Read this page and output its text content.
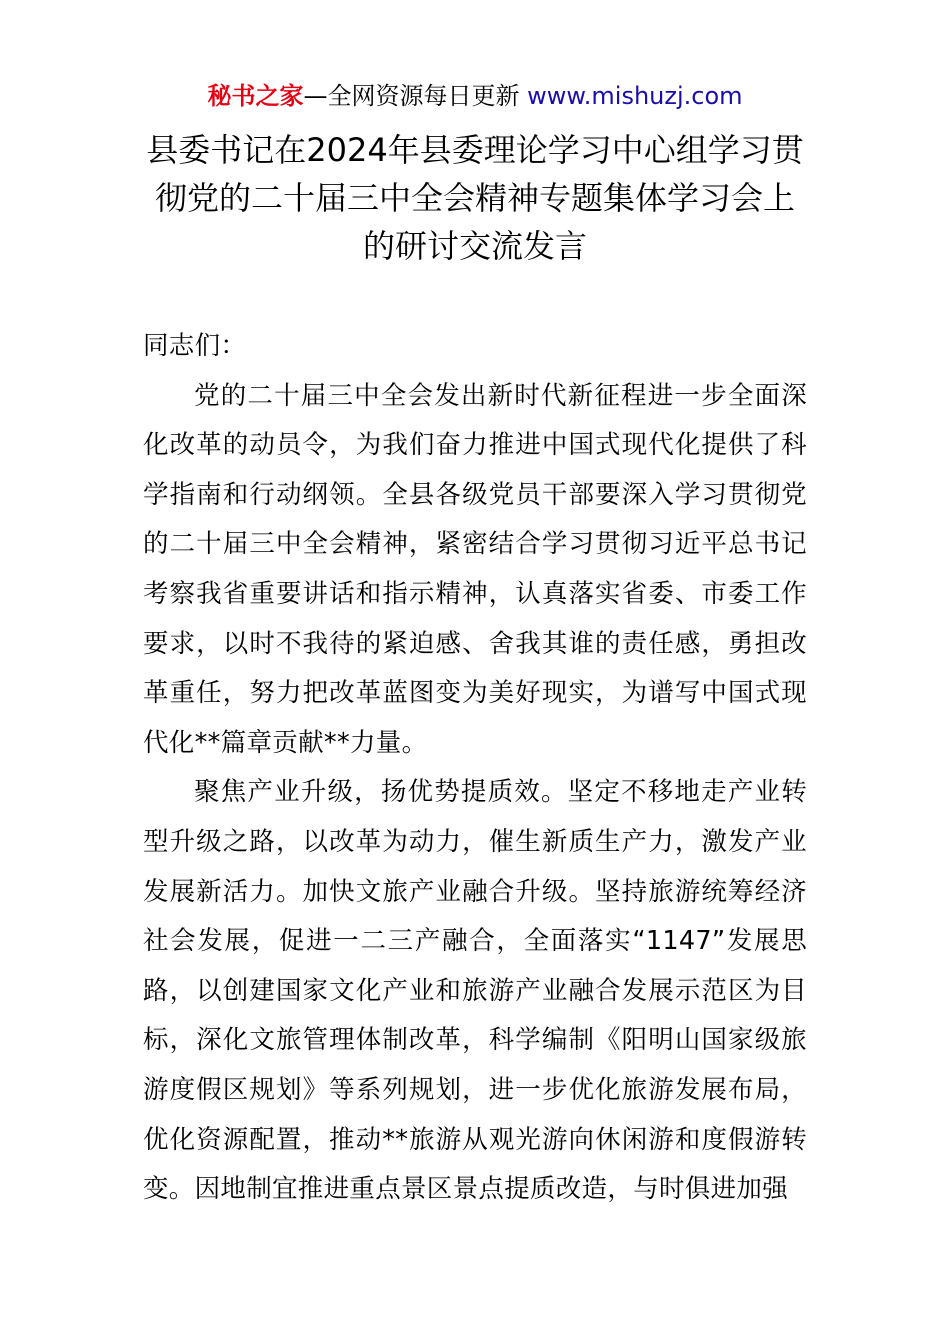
秘书之家—全网资源每日更新 www.mishuzj.com
县委书记在2024年县委理论学习中心组学习贯彻党的二十届三中全会精神专题集体学习会上的研讨交流发言

同志们：

党的二十届三中全会发出新时代新征程进一步全面深化改革的动员令，为我们奋力推进中国式现代化提供了科学指南和行动纲领。全县各级党员干部要深入学习贯彻党的二十届三中全会精神，紧密结合学习贯彻习近平总书记考察我省重要讲话和指示精神，认真落实省委、市委工作要求，以时不我待的紧迫感、舍我其谁的责任感，勇担改革重任，努力把改革蓝图变为美好现实，为谱写中国式现代化**篇章贡献**力量。

聚焦产业升级，扬优势提质效。坚定不移地走产业转型升级之路，以改革为动力，催生新质生产力，激发产业发展新活力。加快文旅产业融合升级。坚持旅游统筹经济社会发展，促进一二三产融合，全面落实“1147”发展思路，以创建国家文化产业和旅游产业融合发展示范区为目标，深化文旅管理体制改革，科学编制《阳明山国家级旅游度假区规划》等系列规划，进一步优化旅游发展布局，优化资源配置，推动**旅游从观光游向休闲游和度假游转变。因地制宜推进重点景区景点提质改造，与时俱进加强
